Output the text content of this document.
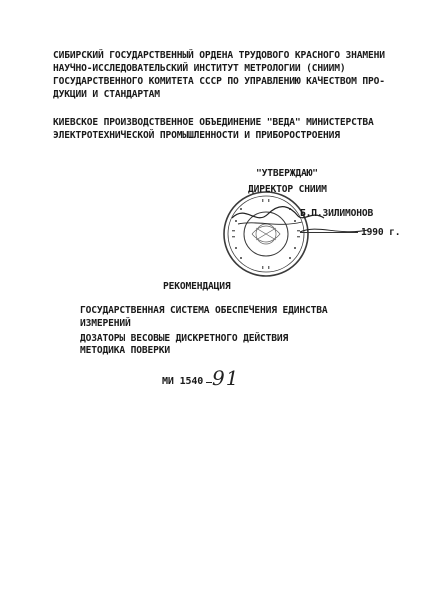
СИБИРСКИЙ ГОСУДАРСТВЕННЫЙ ОРДЕНА ТРУДОВОГО КРАСНОГО ЗНАМЕНИ
НАУЧНО-ИССЛЕДОВАТЕЛЬСКИЙ ИНСТИТУТ МЕТРОЛОГИИ (СНИИМ)
ГОСУДАРСТВЕННОГО КОМИТЕТА СССР ПО УПРАВЛЕНИЮ КАЧЕСТВОМ ПРО-
ДУКЦИИ И СТАНДАРТАМ
КИЕВСКОЕ ПРОИЗВОДСТВЕННОЕ ОБЪЕДИНЕНИЕ "ВЕДА" МИНИСТЕРСТВА
ЭЛЕКТРОТЕХНИЧЕСКОЙ ПРОМЫШЛЕННОСТИ И ПРИБОРОСТРОЕНИЯ
"УТВЕРЖДАЮ"
ДИРЕКТОР СНИИМ
Б.П.ЗИЛИМОНОВ
1990 г.
РЕКОМЕНДАЦИЯ
ГОСУДАРСТВЕННАЯ СИСТЕМА ОБЕСПЕЧЕНИЯ ЕДИНСТВА
ИЗМЕРЕНИЙ
ДОЗАТОРЫ ВЕСОВЫЕ ДИСКРЕТНОГО ДЕЙСТВИЯ
МЕТОДИКА ПОВЕРКИ
МИ 1540 91
